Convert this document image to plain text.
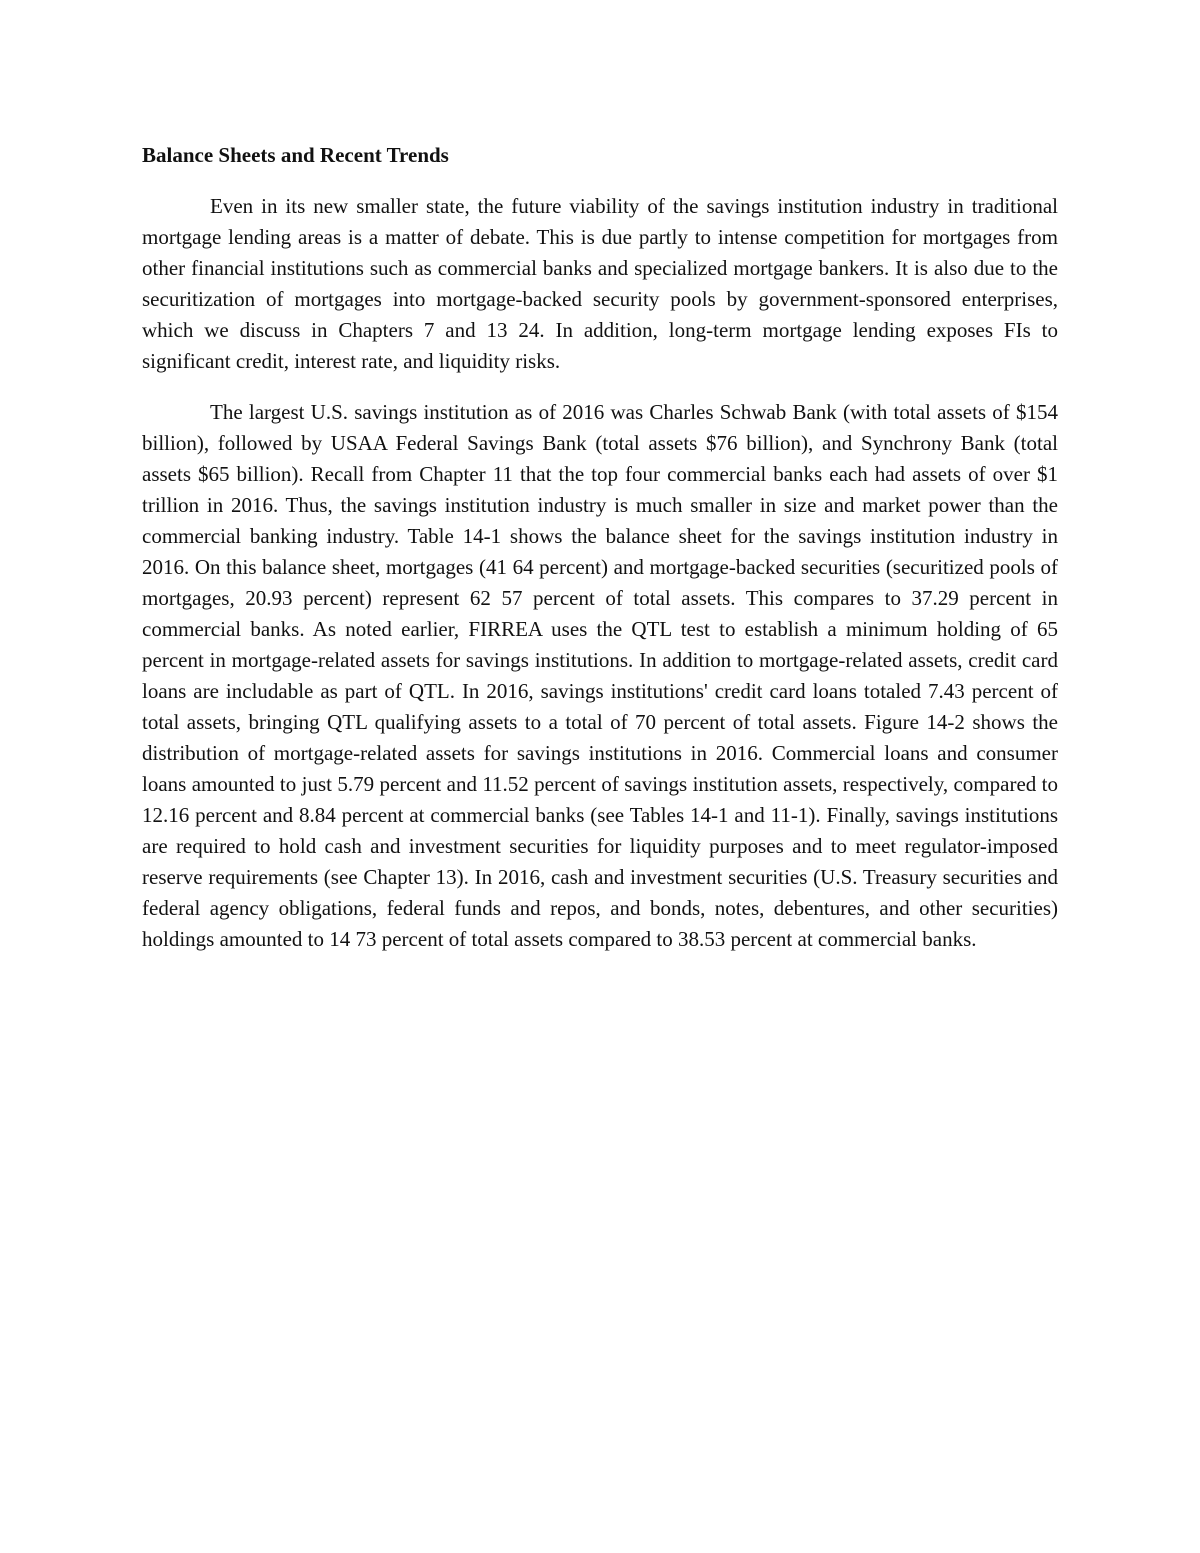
Balance Sheets and Recent Trends

Even in its new smaller state, the future viability of the savings institution industry in traditional mortgage lending areas is a matter of debate. This is due partly to intense competition for mortgages from other financial institutions such as commercial banks and specialized mortgage bankers. It is also due to the securitization of mortgages into mortgage-backed security pools by government-sponsored enterprises, which we discuss in Chapters 7 and 13 24. In addition, long-term mortgage lending exposes FIs to significant credit, interest rate, and liquidity risks.

The largest U.S. savings institution as of 2016 was Charles Schwab Bank (with total assets of $154 billion), followed by USAA Federal Savings Bank (total assets $76 billion), and Synchrony Bank (total assets $65 billion). Recall from Chapter 11 that the top four commercial banks each had assets of over $1 trillion in 2016. Thus, the savings institution industry is much smaller in size and market power than the commercial banking industry. Table 14-1 shows the balance sheet for the savings institution industry in 2016. On this balance sheet, mortgages (41 64 percent) and mortgage-backed securities (securitized pools of mortgages, 20.93 percent) represent 62 57 percent of total assets. This compares to 37.29 percent in commercial banks. As noted earlier, FIRREA uses the QTL test to establish a minimum holding of 65 percent in mortgage-related assets for savings institutions. In addition to mortgage-related assets, credit card loans are includable as part of QTL. In 2016, savings institutions' credit card loans totaled 7.43 percent of total assets, bringing QTL qualifying assets to a total of 70 percent of total assets. Figure 14-2 shows the distribution of mortgage-related assets for savings institutions in 2016. Commercial loans and consumer loans amounted to just 5.79 percent and 11.52 percent of savings institution assets, respectively, compared to 12.16 percent and 8.84 percent at commercial banks (see Tables 14-1 and 11-1). Finally, savings institutions are required to hold cash and investment securities for liquidity purposes and to meet regulator-imposed reserve requirements (see Chapter 13). In 2016, cash and investment securities (U.S. Treasury securities and federal agency obligations, federal funds and repos, and bonds, notes, debentures, and other securities) holdings amounted to 14 73 percent of total assets compared to 38.53 percent at commercial banks.
